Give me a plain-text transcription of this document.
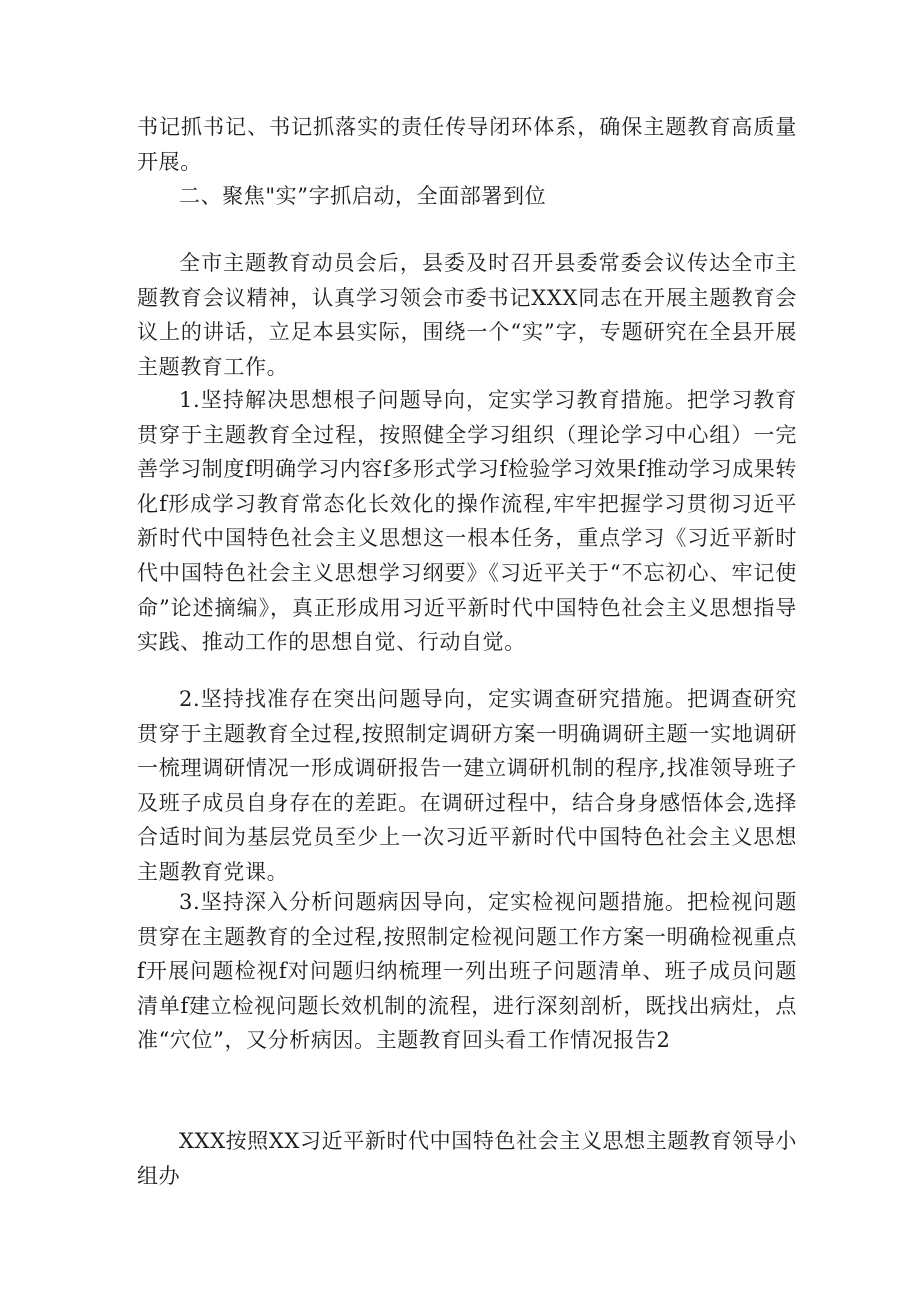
书记抓书记、书记抓落实的责任传导闭环体系，确保主题教育高质量开展。

二、聚焦"实”字抓启动，全面部署到位

全市主题教育动员会后，县委及时召开县委常委会议传达全市主题教育会议精神，认真学习领会市委书记XXX同志在开展主题教育会议上的讲话，立足本县实际，围绕一个“实”字，专题研究在全县开展主题教育工作。

1.坚持解决思想根子问题导向，定实学习教育措施。把学习教育贯穿于主题教育全过程，按照健全学习组织（理论学习中心组）一完善学习制度f明确学习内容f多形式学习f检验学习效果f推动学习成果转化f形成学习教育常态化长效化的操作流程,牢牢把握学习贯彻习近平新时代中国特色社会主义思想这一根本任务，重点学习《习近平新时代中国特色社会主义思想学习纲要》《习近平关于“不忘初心、牢记使命”论述摘编》，真正形成用习近平新时代中国特色社会主义思想指导实践、推动工作的思想自觉、行动自觉。

2.坚持找准存在突出问题导向，定实调查研究措施。把调查研究贯穿于主题教育全过程,按照制定调研方案一明确调研主题一实地调研一梳理调研情况一形成调研报告一建立调研机制的程序,找准领导班子及班子成员自身存在的差距。在调研过程中，结合身身感悟体会,选择合适时间为基层党员至少上一次习近平新时代中国特色社会主义思想主题教育党课。

3.坚持深入分析问题病因导向，定实检视问题措施。把检视问题贯穿在主题教育的全过程,按照制定检视问题工作方案一明确检视重点f开展问题检视f对问题归纳梳理一列出班子问题清单、班子成员问题清单f建立检视问题长效机制的流程，进行深刻剖析，既找出病灶，点准“穴位”，又分析病因。主题教育回头看工作情况报告2

XXX按照XX习近平新时代中国特色社会主义思想主题教育领导小组办
